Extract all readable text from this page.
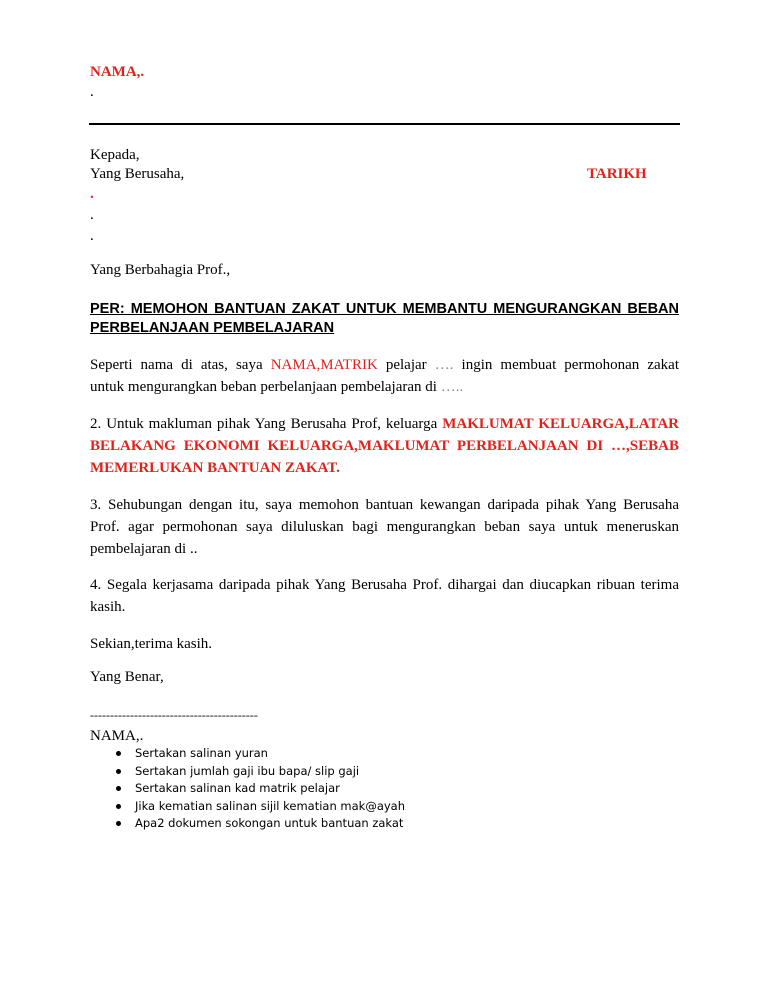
NAMA,.
.
Kepada,
Yang Berusaha,	TARIKH
.
.
.
Yang Berbahagia Prof.,
PER: MEMOHON BANTUAN ZAKAT UNTUK MEMBANTU MENGURANGKAN BEBAN
PERBELANJAAN PEMBELAJARAN
Seperti nama di atas, saya NAMA,MATRIK pelajar …. ingin membuat permohonan zakat
untuk mengurangkan beban perbelanjaan pembelajaran di …..
2. Untuk makluman pihak Yang Berusaha Prof, keluarga MAKLUMAT KELUARGA,LATAR
BELAKANG EKONOMI KELUARGA,MAKLUMAT PERBELANJAAN DI …,SEBAB
MEMERLUKAN BANTUAN ZAKAT.
3. Sehubungan dengan itu, saya memohon bantuan kewangan daripada pihak Yang Berusaha
Prof. agar permohonan saya diluluskan bagi mengurangkan beban saya untuk meneruskan
pembelajaran di ..
4. Segala kerjasama daripada pihak Yang Berusaha Prof. dihargai dan diucapkan ribuan terima
kasih.
Sekian,terima kasih.
Yang Benar,
------------------------------------------
NAMA,.
Sertakan salinan yuran
Sertakan jumlah gaji ibu bapa/ slip gaji
Sertakan salinan kad matrik pelajar
Jika kematian salinan sijil kematian mak@ayah
Apa2 dokumen sokongan untuk bantuan zakat
